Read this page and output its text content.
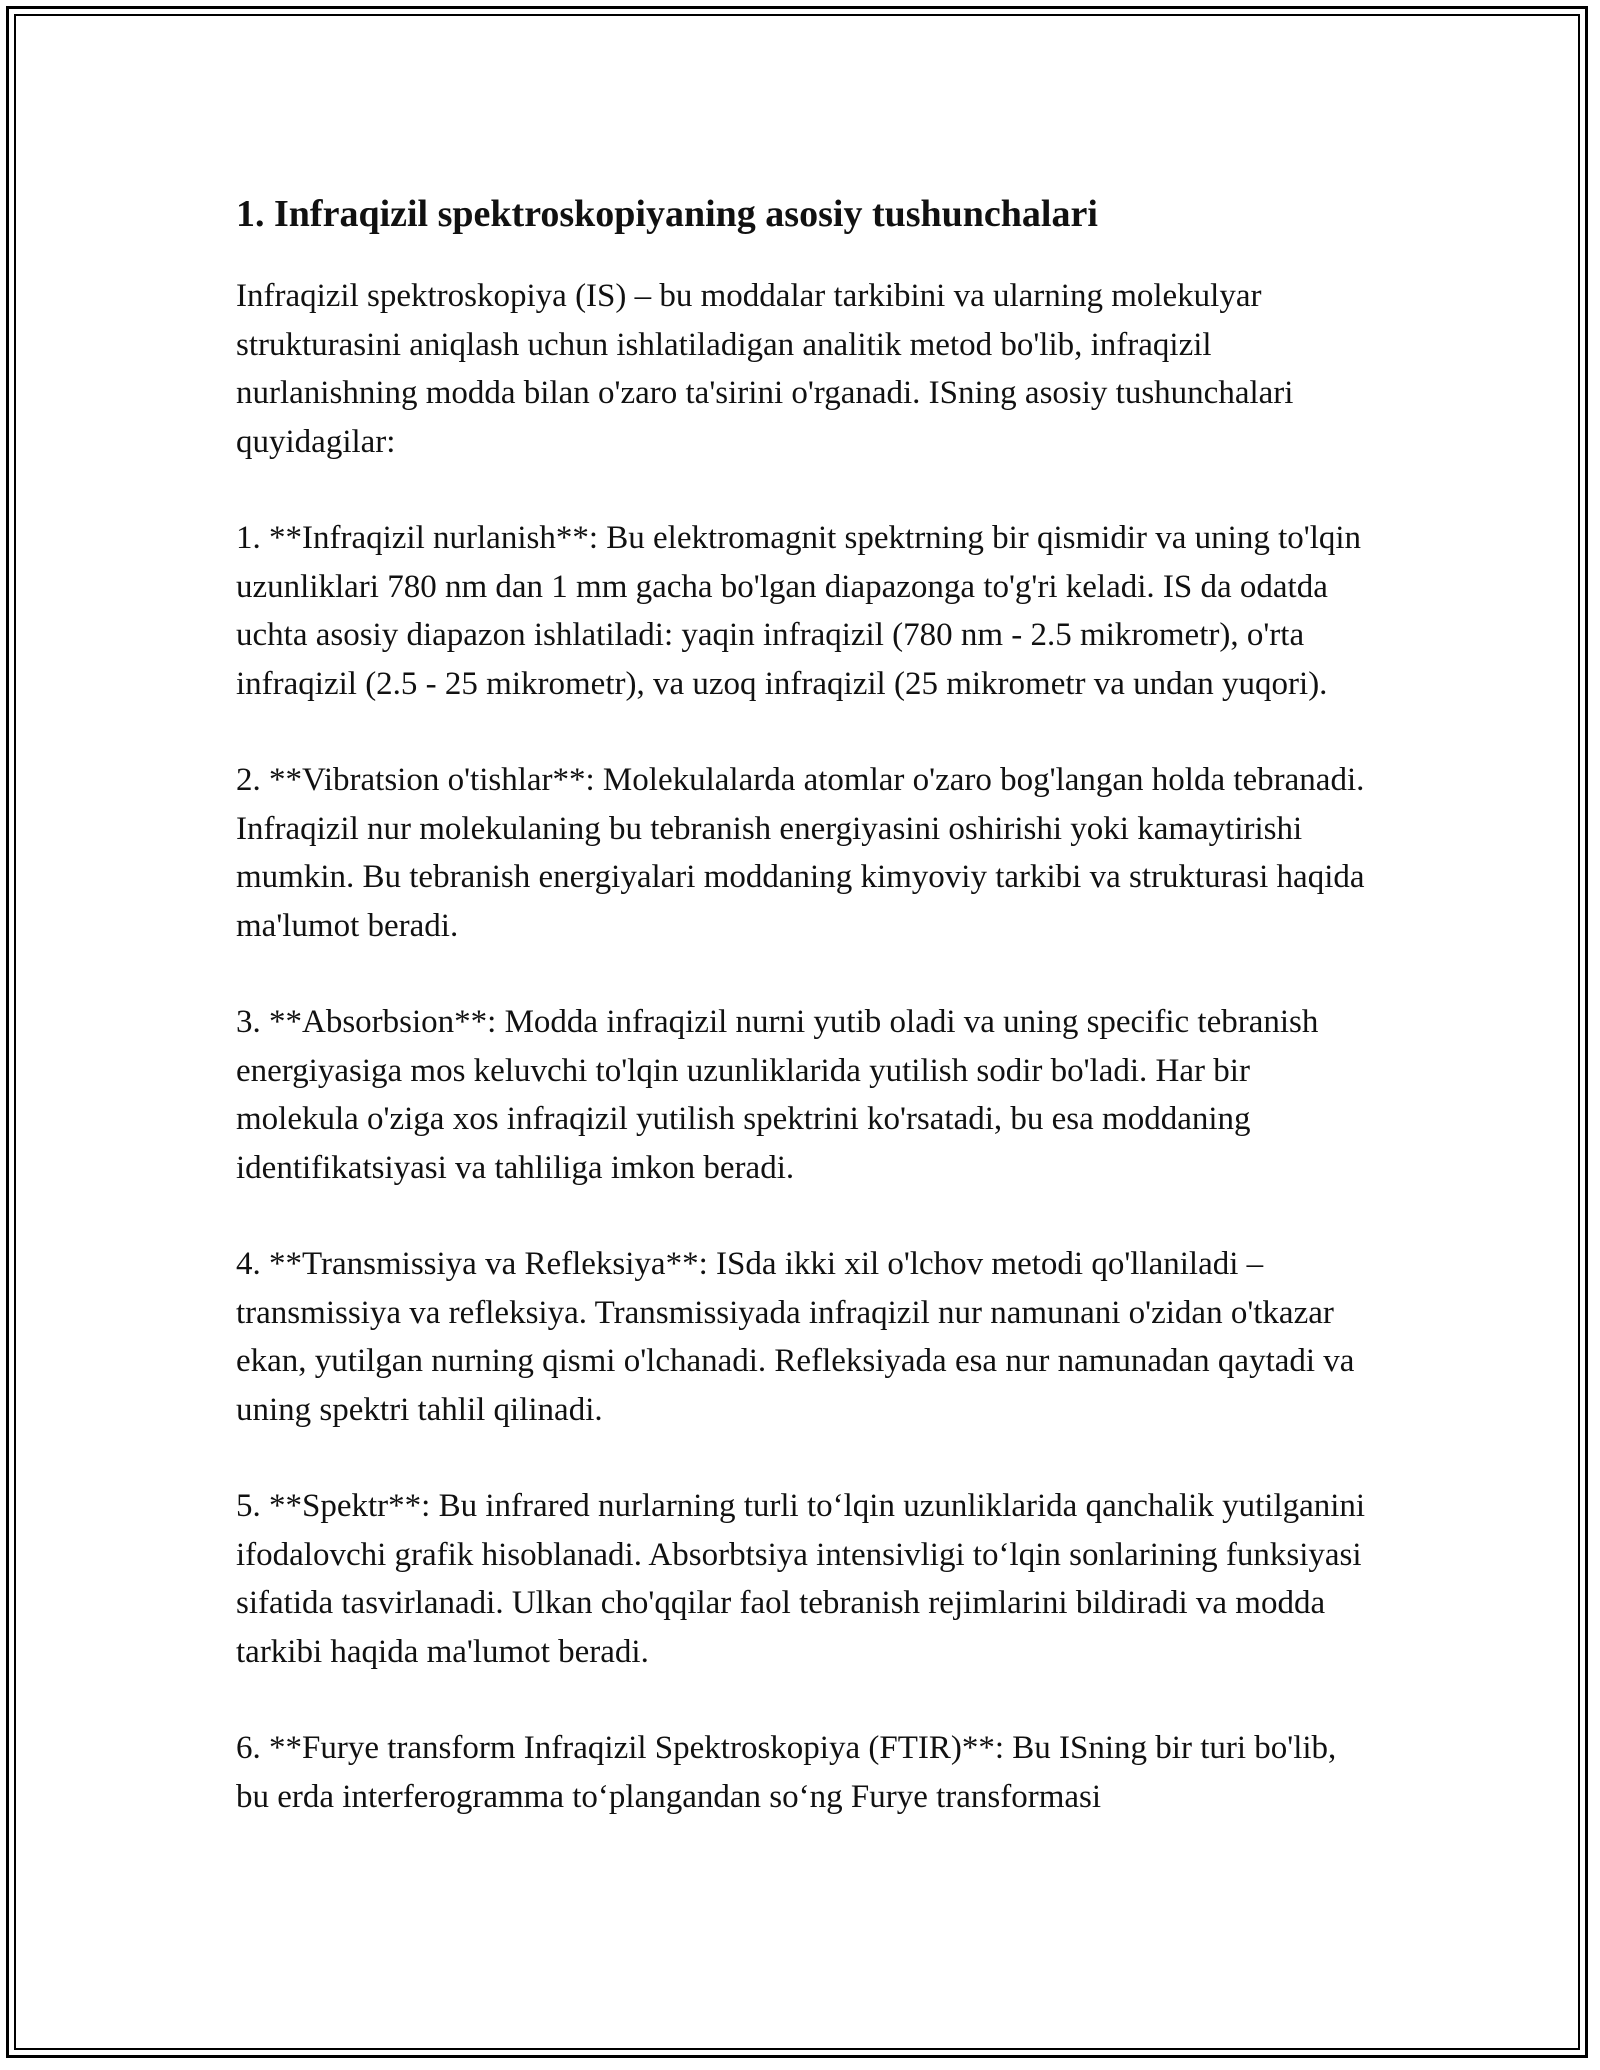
1. Infraqizil spektroskopiyaning asosiy tushunchalari

Infraqizil spektroskopiya (IS) – bu moddalar tarkibini va ularning molekulyar strukturasini aniqlash uchun ishlatiladigan analitik metod bo'lib, infraqizil nurlanishning modda bilan o'zaro ta'sirini o'rganadi. ISning asosiy tushunchalari quyidagilar:

1. **Infraqizil nurlanish**: Bu elektromagnit spektrning bir qismidir va uning to'lqin uzunliklari 780 nm dan 1 mm gacha bo'lgan diapazonga to'g'ri keladi. IS da odatda uchta asosiy diapazon ishlatiladi: yaqin infraqizil (780 nm - 2.5 mikrometr), o'rta infraqizil (2.5 - 25 mikrometr), va uzoq infraqizil (25 mikrometr va undan yuqori).

2. **Vibratsion o'tishlar**: Molekulalarda atomlar o'zaro bog'langan holda tebranadi. Infraqizil nur molekulaning bu tebranish energiyasini oshirishi yoki kamaytirishi mumkin. Bu tebranish energiyalari moddaning kimyoviy tarkibi va strukturasi haqida ma'lumot beradi.

3. **Absorbsion**: Modda infraqizil nurni yutib oladi va uning specific tebranish energiyasiga mos keluvchi to'lqin uzunliklarida yutilish sodir bo'ladi. Har bir molekula o'ziga xos infraqizil yutilish spektrini ko'rsatadi, bu esa moddaning identifikatsiyasi va tahliliga imkon beradi.

4. **Transmissiya va Refleksiya**: ISda ikki xil o'lchov metodi qo'llaniladi – transmissiya va refleksiya. Transmissiyada infraqizil nur namunani o'zidan o'tkazar ekan, yutilgan nurning qismi o'lchanadi. Refleksiyada esa nur namunadan qaytadi va uning spektri tahlil qilinadi.

5. **Spektr**: Bu infrared nurlarning turli to‘lqin uzunliklarida qanchalik yutilganini ifodalovchi grafik hisoblanadi. Absorbtsiya intensivligi to‘lqin sonlarining funksiyasi sifatida tasvirlanadi. Ulkan cho'qqilar faol tebranish rejimlarini bildiradi va modda tarkibi haqida ma'lumot beradi.

6. **Furye transform Infraqizil Spektroskopiya (FTIR)**: Bu ISning bir turi bo'lib, bu erda interferogramma to‘plangandan so‘ng Furye transformasi
